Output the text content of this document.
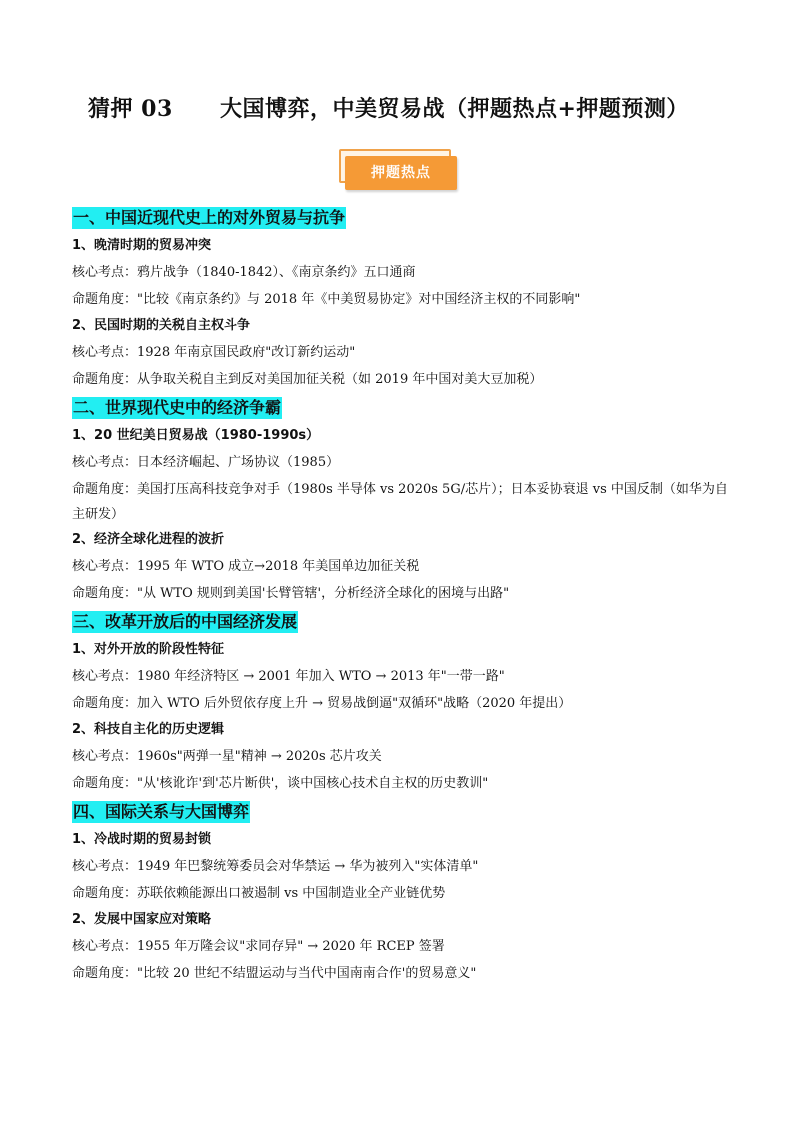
猜押 03 大国博弈，中美贸易战（押题热点+押题预测）
押题热点
一、中国近现代史上的对外贸易与抗争
1、晚清时期的贸易冲突
核心考点：鸦片战争（1840-1842）、《南京条约》五口通商
命题角度："比较《南京条约》与 2018 年《中美贸易协定》对中国经济主权的不同影响"
2、民国时期的关税自主权斗争
核心考点：1928 年南京国民政府"改订新约运动"
命题角度：从争取关税自主到反对美国加征关税（如 2019 年中国对美大豆加税）
二、世界现代史中的经济争霸
1、20 世纪美日贸易战（1980-1990s）
核心考点：日本经济崛起、广场协议（1985）
命题角度：美国打压高科技竞争对手（1980s 半导体 vs 2020s 5G/芯片）；日本妥协衰退 vs 中国反制（如华为自主研发）
2、经济全球化进程的波折
核心考点：1995 年 WTO 成立→2018 年美国单边加征关税
命题角度："从 WTO 规则到美国'长臂管辖'，分析经济全球化的困境与出路"
三、改革开放后的中国经济发展
1、对外开放的阶段性特征
核心考点：1980 年经济特区 → 2001 年加入 WTO → 2013 年"一带一路"
命题角度：加入 WTO 后外贸依存度上升 → 贸易战倒逼"双循环"战略（2020 年提出）
2、科技自主化的历史逻辑
核心考点：1960s"两弹一星"精神 → 2020s 芯片攻关
命题角度："从'核讹诈'到'芯片断供'，谈中国核心技术自主权的历史教训"
四、国际关系与大国博弈
1、冷战时期的贸易封锁
核心考点：1949 年巴黎统筹委员会对华禁运 → 华为被列入"实体清单"
命题角度：苏联依赖能源出口被遏制 vs 中国制造业全产业链优势
2、发展中国家应对策略
核心考点：1955 年万隆会议"求同存异" → 2020 年 RCEP 签署
命题角度："比较 20 世纪不结盟运动与当代中国南南合作'的贸易意义"
